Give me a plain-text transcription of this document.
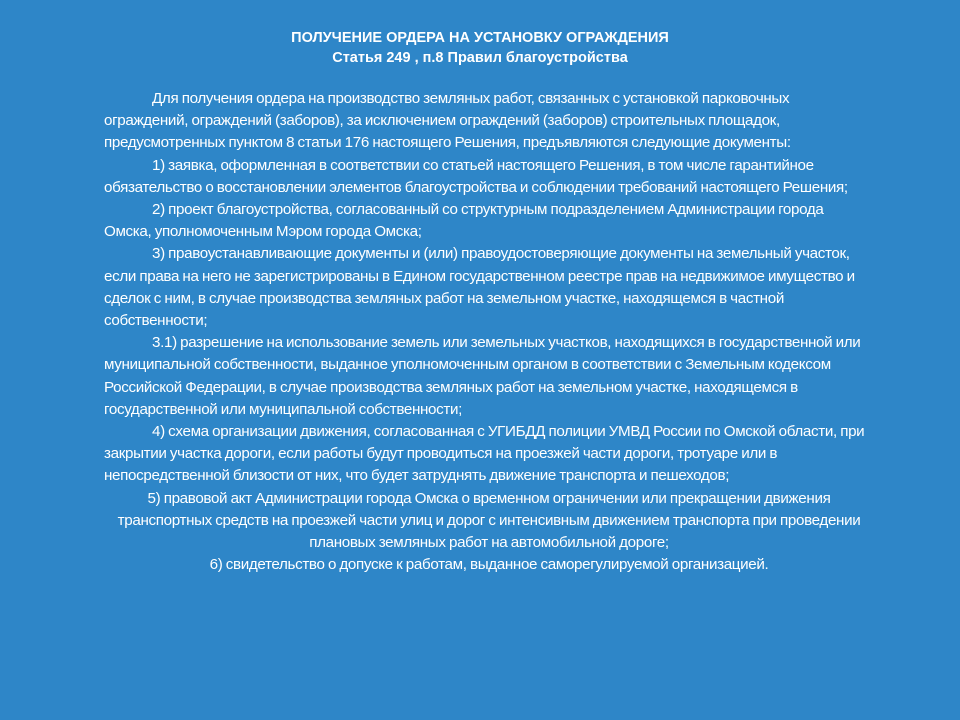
ПОЛУЧЕНИЕ ОРДЕРА НА УСТАНОВКУ ОГРАЖДЕНИЯ
Статья 249 , п.8 Правил благоустройства

Для получения ордера на производство земляных работ, связанных с установкой парковочных ограждений, ограждений (заборов), за исключением ограждений (заборов) строительных площадок, предусмотренных пунктом 8 статьи 176 настоящего Решения, предъявляются следующие документы:

1) заявка, оформленная в соответствии со статьей настоящего Решения, в том числе гарантийное обязательство о восстановлении элементов благоустройства и соблюдении требований настоящего Решения;

2) проект благоустройства, согласованный со структурным подразделением Администрации города Омска, уполномоченным Мэром города Омска;

3) правоустанавливающие документы и (или) правоудостоверяющие документы на земельный участок, если права на него не зарегистрированы в Едином государственном реестре прав на недвижимое имущество и сделок с ним, в случае производства земляных работ на земельном участке, находящемся в частной собственности;

3.1) разрешение на использование земель или земельных участков, находящихся в государственной или муниципальной собственности, выданное уполномоченным органом в соответствии с Земельным кодексом Российской Федерации, в случае производства земляных работ на земельном участке, находящемся в государственной или муниципальной собственности;

4) схема организации движения, согласованная с УГИБДД полиции УМВД России по Омской области, при закрытии участка дороги, если работы будут проводиться на проезжей части дороги, тротуаре или в непосредственной близости от них, что будет затруднять движение транспорта и пешеходов;

5) правовой акт Администрации города Омска о временном ограничении или прекращении движения транспортных средств на проезжей части улиц и дорог с интенсивным движением транспорта при проведении плановых земляных работ на автомобильной дороге;

6) свидетельство о допуске к работам, выданное саморегулируемой организацией.
